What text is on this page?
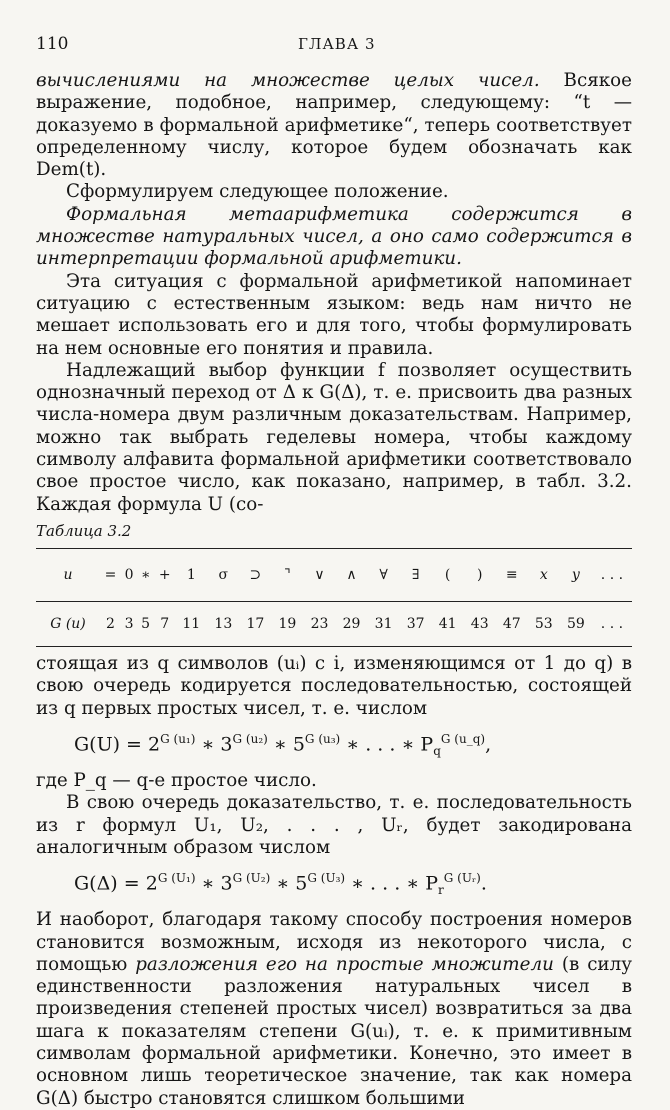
110	ГЛАВА 3

вычислениями на множестве целых чисел. Всякое выражение, подобное, например, следующему: “t — доказуемо в формальной арифметике“, теперь соответствует определенному числу, которое будем обозначать как Dem(t).

Сформулируем следующее положение.

Формальная метаарифметика содержится в множестве натуральных чисел, а оно само содержится в интерпретации формальной арифметики.

Эта ситуация с формальной арифметикой напоминает ситуацию с естественным языком: ведь нам ничто не мешает использовать его и для того, чтобы формулировать на нем основные его понятия и правила.

Надлежащий выбор функции f позволяет осуществить однозначный переход от Δ к G(Δ), т. е. присвоить два разных числа-номера двум различным доказательствам. Например, можно так выбрать геделевы номера, чтобы каждому символу алфавита формальной арифметики соответствовало свое простое число, как показано, например, в табл. 3.2. Каждая формула U (со-

Таблица 3.2

u	=	0	∗	+	1	σ	⊃	⌝	∨	∧	∀	∃	(	)	≡	x	y	. . .

G (u)	2	3	5	7	11	13	17	19	23	29	31	37	41	43	47	53	59	. . .

стоящая из q символов (uᵢ) с i, изменяющимся от 1 до q) в свою очередь кодируется последовательностью, состоящей из q первых простых чисел, т. е. числом

$G(U) = 2^{G (u_1)}$ ∗ $3^{G (u_2)}$ ∗ $5^{G (u_3)}$ ∗ . . . ∗ $P_q^{G (u\_q)}$,

где P_q — q-е простое число.

В свою очередь доказательство, т. е. последовательность из r формул U₁, U₂, . . . , Uᵣ, будет закодирована аналогичным образом числом

$G(\Delta) = 2^{G (U_1)}$ ∗ $3^{G (U_2)}$ ∗ $5^{G (U_3)}$ ∗ . . . ∗ $P_r^{G (Uᵣ)}$.

И наоборот, благодаря такому способу построения номеров становится возможным, исходя из некоторого числа, с помощью разложения его на простые множители (в силу единственности разложения натуральных чисел в произведения степеней простых чисел) возвратиться за два шага к показателям степени G(uᵢ), т. е. к примитивным символам формальной арифметики. Конечно, это имеет в основном лишь теоретическое значение, так как номера G(Δ) быстро становятся слишком большими
